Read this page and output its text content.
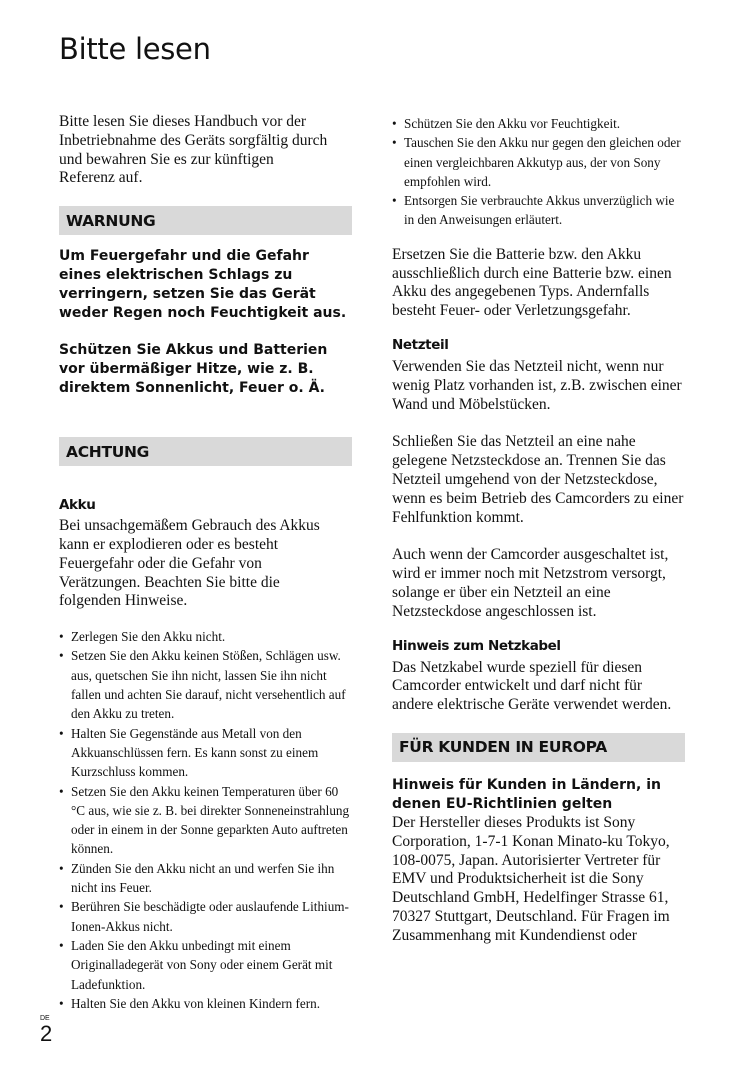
Bitte lesen

Bitte lesen Sie dieses Handbuch vor der Inbetriebnahme des Geräts sorgfältig durch und bewahren Sie es zur künftigen Referenz auf.

WARNUNG

Um Feuergefahr und die Gefahr eines elektrischen Schlags zu verringern, setzen Sie das Gerät weder Regen noch Feuchtigkeit aus.

Schützen Sie Akkus und Batterien vor übermäßiger Hitze, wie z. B. direktem Sonnenlicht, Feuer o. Ä.

ACHTUNG

Akku

Bei unsachgemäßem Gebrauch des Akkus kann er explodieren oder es besteht Feuergefahr oder die Gefahr von Verätzungen. Beachten Sie bitte die folgenden Hinweise.

• Zerlegen Sie den Akku nicht.
• Setzen Sie den Akku keinen Stößen, Schlägen usw. aus, quetschen Sie ihn nicht, lassen Sie ihn nicht fallen und achten Sie darauf, nicht versehentlich auf den Akku zu treten.
• Halten Sie Gegenstände aus Metall von den Akkuanschlüssen fern. Es kann sonst zu einem Kurzschluss kommen.
• Setzen Sie den Akku keinen Temperaturen über 60 °C aus, wie sie z. B. bei direkter Sonneneinstrahlung oder in einem in der Sonne geparkten Auto auftreten können.
• Zünden Sie den Akku nicht an und werfen Sie ihn nicht ins Feuer.
• Berühren Sie beschädigte oder auslaufende Lithium-Ionen-Akkus nicht.
• Laden Sie den Akku unbedingt mit einem Originalladegerät von Sony oder einem Gerät mit Ladefunktion.
• Halten Sie den Akku von kleinen Kindern fern.
• Schützen Sie den Akku vor Feuchtigkeit.
• Tauschen Sie den Akku nur gegen den gleichen oder einen vergleichbaren Akkutyp aus, der von Sony empfohlen wird.
• Entsorgen Sie verbrauchte Akkus unverzüglich wie in den Anweisungen erläutert.

Ersetzen Sie die Batterie bzw. den Akku ausschließlich durch eine Batterie bzw. einen Akku des angegebenen Typs. Andernfalls besteht Feuer- oder Verletzungsgefahr.

Netzteil

Verwenden Sie das Netzteil nicht, wenn nur wenig Platz vorhanden ist, z.B. zwischen einer Wand und Möbelstücken.

Schließen Sie das Netzteil an eine nahe gelegene Netzsteckdose an. Trennen Sie das Netzteil umgehend von der Netzsteckdose, wenn es beim Betrieb des Camcorders zu einer Fehlfunktion kommt.

Auch wenn der Camcorder ausgeschaltet ist, wird er immer noch mit Netzstrom versorgt, solange er über ein Netzteil an eine Netzsteckdose angeschlossen ist.

Hinweis zum Netzkabel

Das Netzkabel wurde speziell für diesen Camcorder entwickelt und darf nicht für andere elektrische Geräte verwendet werden.

FÜR KUNDEN IN EUROPA

Hinweis für Kunden in Ländern, in denen EU-Richtlinien gelten

Der Hersteller dieses Produkts ist Sony Corporation, 1-7-1 Konan Minato-ku Tokyo, 108-0075, Japan. Autorisierter Vertreter für EMV und Produktsicherheit ist die Sony Deutschland GmbH, Hedelfinger Strasse 61, 70327 Stuttgart, Deutschland. Für Fragen im Zusammenhang mit Kundendienst oder

DE
2
